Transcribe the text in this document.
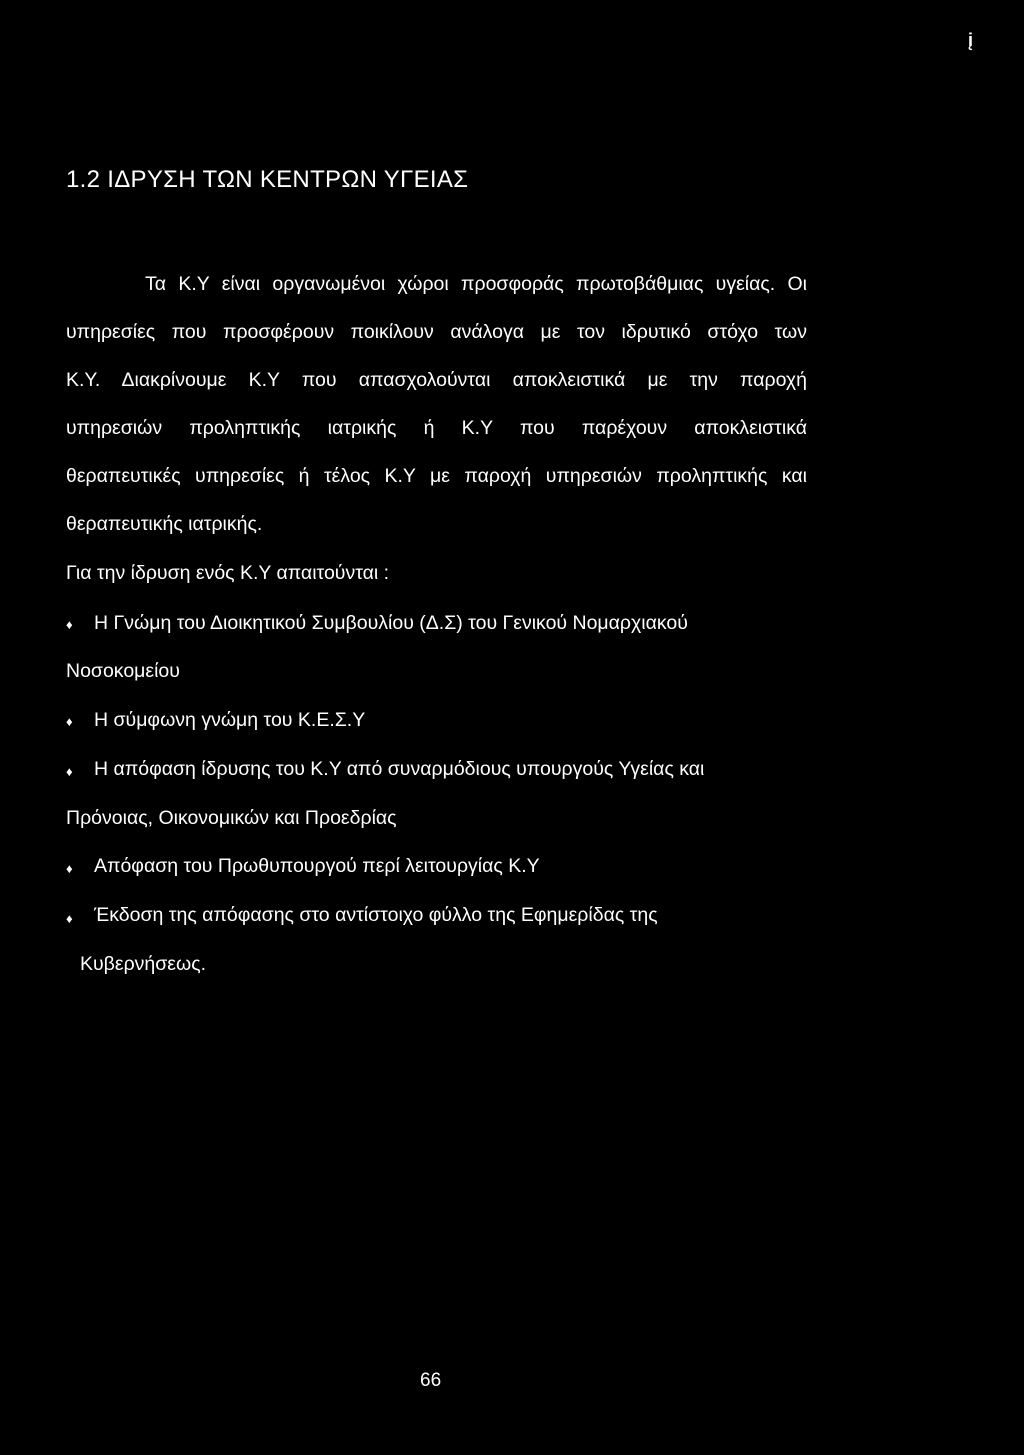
į
1.2 ΙΔΡΥΣΗ ΤΩΝ ΚΕΝΤΡΩΝ ΥΓΕΙΑΣ
Τα Κ.Υ είναι οργανωμένοι χώροι προσφοράς πρωτοβάθμιας υγείας. Οι
υπηρεσίες που προσφέρουν ποικίλουν ανάλογα με τον ιδρυτικό στόχο των
Κ.Υ. Διακρίνουμε Κ.Υ που απασχολούνται αποκλειστικά με την παροχή
υπηρεσιών προληπτικής ιατρικής ή Κ.Υ που παρέχουν αποκλειστικά
θεραπευτικές υπηρεσίες ή τέλος Κ.Υ με παροχή υπηρεσιών προληπτικής και
θεραπευτικής ιατρικής.
Για την ίδρυση ενός Κ.Υ απαιτούνται :
♦ Η Γνώμη του Διοικητικού Συμβουλίου (Δ.Σ) του Γενικού Νομαρχιακού
Νοσοκομείου
♦ Η σύμφωνη γνώμη του Κ.Ε.Σ.Υ
♦ Η απόφαση ίδρυσης του Κ.Υ από συναρμόδιους υπουργούς Υγείας και
Πρόνοιας, Οικονομικών και Προεδρίας
♦ Απόφαση του Πρωθυπουργού περί λειτουργίας Κ.Υ
♦ Έκδοση της απόφασης στο αντίστοιχο φύλλο της Εφημερίδας της
Κυβερνήσεως.
66
